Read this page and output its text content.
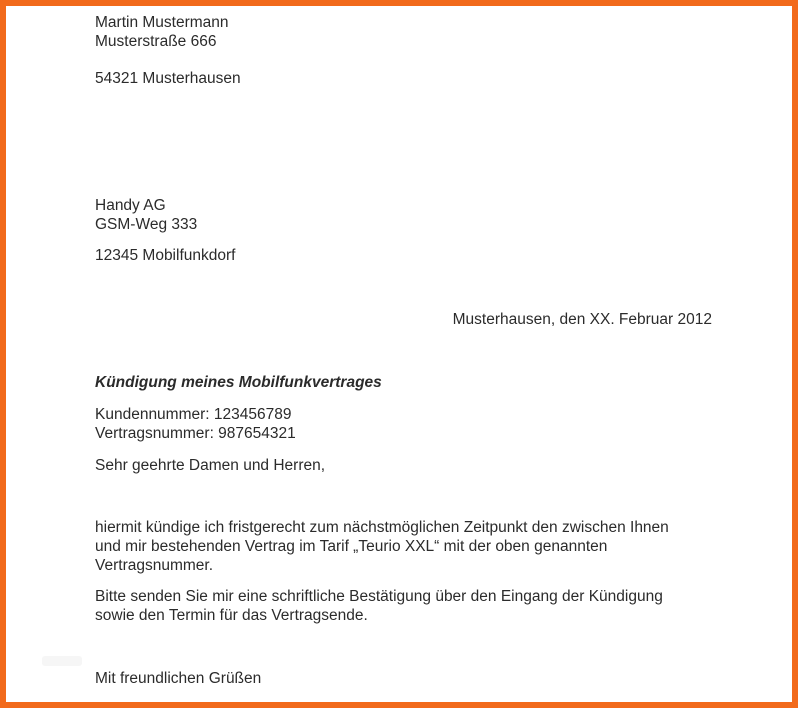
Martin Mustermann
Musterstraße 666
54321 Musterhausen
Handy AG
GSM-Weg 333
12345 Mobilfunkdorf
Musterhausen, den XX. Februar 2012
Kündigung meines Mobilfunkvertrages
Kundennummer: 123456789
Vertragsnummer: 987654321
Sehr geehrte Damen und Herren,
hiermit kündige ich fristgerecht zum nächstmöglichen Zeitpunkt den zwischen Ihnen
und mir bestehenden Vertrag im Tarif „Teurio XXL“ mit der oben genannten
Vertragsnummer.
Bitte senden Sie mir eine schriftliche Bestätigung über den Eingang der Kündigung
sowie den Termin für das Vertragsende.
Mit freundlichen Grüßen
